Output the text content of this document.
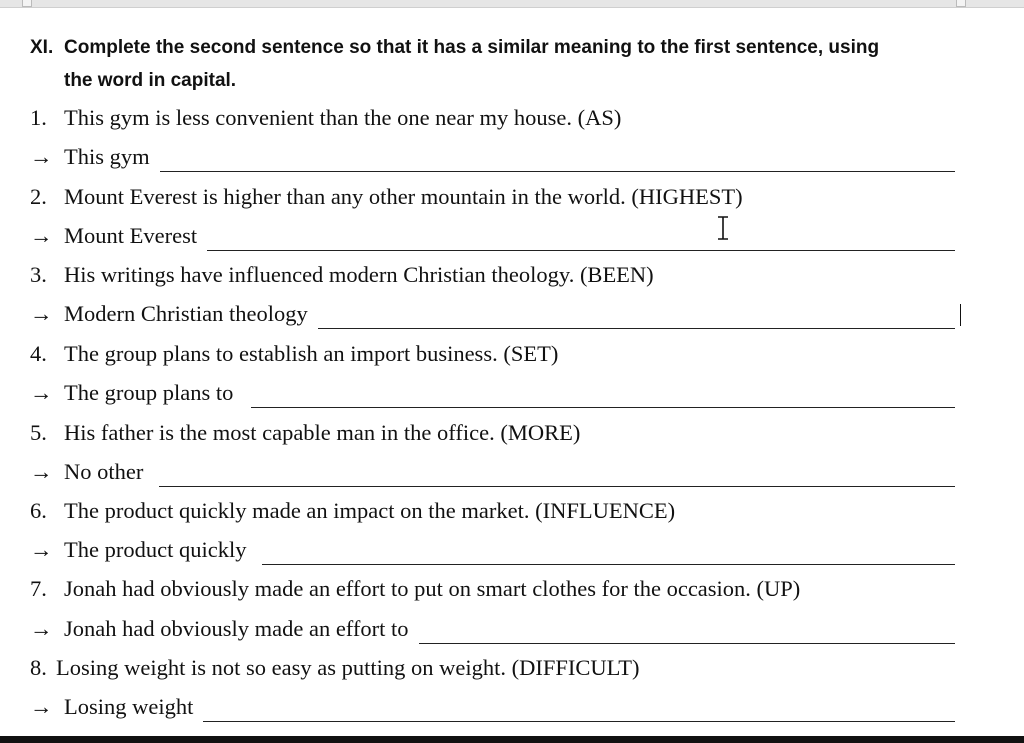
XI. Complete the second sentence so that it has a similar meaning to the first sentence, using
the word in capital.
1. This gym is less convenient than the one near my house. (AS)
→ This gym
2. Mount Everest is higher than any other mountain in the world. (HIGHEST)
→ Mount Everest
3. His writings have influenced modern Christian theology. (BEEN)
→ Modern Christian theology
4. The group plans to establish an import business. (SET)
→ The group plans to
5. His father is the most capable man in the office. (MORE)
→ No other
6. The product quickly made an impact on the market. (INFLUENCE)
→ The product quickly
7. Jonah had obviously made an effort to put on smart clothes for the occasion. (UP)
→ Jonah had obviously made an effort to
8. Losing weight is not so easy as putting on weight. (DIFFICULT)
→ Losing weight
